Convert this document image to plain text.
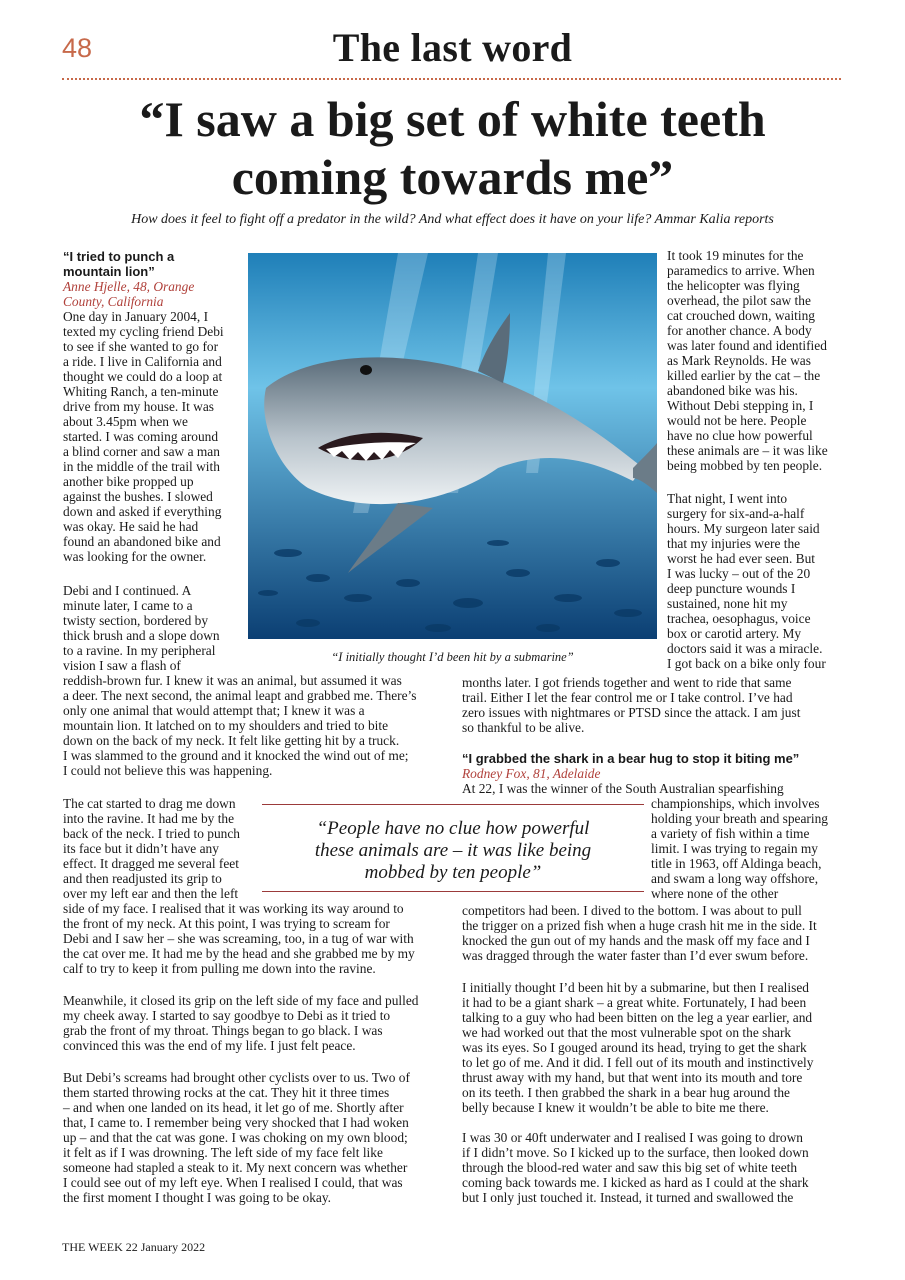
48	The last word
“I saw a big set of white teeth
coming towards me”
How does it feel to fight off a predator in the wild? And what effect does it have on your life? Ammar Kalia reports
“I tried to punch a
mountain lion”
Anne Hjelle, 48, Orange
County, California
One day in January 2004, I
texted my cycling friend Debi
to see if she wanted to go for
a ride. I live in California and
thought we could do a loop at
Whiting Ranch, a ten-minute
drive from my house. It was
about 3.45pm when we
started. I was coming around
a blind corner and saw a man
in the middle of the trail with
another bike propped up
against the bushes. I slowed
down and asked if everything
was okay. He said he had
found an abandoned bike and
was looking for the owner.
Debi and I continued. A
minute later, I came to a
twisty section, bordered by
thick brush and a slope down
to a ravine. In my peripheral
vision I saw a flash of
reddish-brown fur. I knew it was an animal, but assumed it was
a deer. The next second, the animal leapt and grabbed me. There’s
only one animal that would attempt that; I knew it was a
mountain lion. It latched on to my shoulders and tried to bite
down on the back of my neck. It felt like getting hit by a truck.
I was slammed to the ground and it knocked the wind out of me;
I could not believe this was happening.
The cat started to drag me down
into the ravine. It had me by the
back of the neck. I tried to punch
its face but it didn’t have any
effect. It dragged me several feet
and then readjusted its grip to
over my left ear and then the left
side of my face. I realised that it was working its way around to
the front of my neck. At this point, I was trying to scream for
Debi and I saw her – she was screaming, too, in a tug of war with
the cat over me. It had me by the head and she grabbed me by my
calf to try to keep it from pulling me down into the ravine.
Meanwhile, it closed its grip on the left side of my face and pulled
my cheek away. I started to say goodbye to Debi as it tried to
grab the front of my throat. Things began to go black. I was
convinced this was the end of my life. I just felt peace.
But Debi’s screams had brought other cyclists over to us. Two of
them started throwing rocks at the cat. They hit it three times
– and when one landed on its head, it let go of me. Shortly after
that, I came to. I remember being very shocked that I had woken
up – and that the cat was gone. I was choking on my own blood;
it felt as if I was drowning. The left side of my face felt like
someone had stapled a steak to it. My next concern was whether
I could see out of my left eye. When I realised I could, that was
the first moment I thought I was going to be okay.
It took 19 minutes for the
paramedics to arrive. When
the helicopter was flying
overhead, the pilot saw the
cat crouched down, waiting
for another chance. A body
was later found and identified
as Mark Reynolds. He was
killed earlier by the cat – the
abandoned bike was his.
Without Debi stepping in, I
would not be here. People
have no clue how powerful
these animals are – it was like
being mobbed by ten people.
That night, I went into
surgery for six-and-a-half
hours. My surgeon later said
that my injuries were the
worst he had ever seen. But
I was lucky – out of the 20
deep puncture wounds I
sustained, none hit my
trachea, oesophagus, voice
box or carotid artery. My
doctors said it was a miracle.
I got back on a bike only four
months later. I got friends together and went to ride that same
trail. Either I let the fear control me or I take control. I’ve had
zero issues with nightmares or PTSD since the attack. I am just
so thankful to be alive.
“I grabbed the shark in a bear hug to stop it biting me”
Rodney Fox, 81, Adelaide
At 22, I was the winner of the South Australian spearfishing
championships, which involves
holding your breath and spearing
a variety of fish within a time
limit. I was trying to regain my
title in 1963, off Aldinga beach,
and swam a long way offshore,
where none of the other
competitors had been. I dived to the bottom. I was about to pull
the trigger on a prized fish when a huge crash hit me in the side. It
knocked the gun out of my hands and the mask off my face and I
was dragged through the water faster than I’d ever swum before.
I initially thought I’d been hit by a submarine, but then I realised
it had to be a giant shark – a great white. Fortunately, I had been
talking to a guy who had been bitten on the leg a year earlier, and
we had worked out that the most vulnerable spot on the shark
was its eyes. So I gouged around its head, trying to get the shark
to let go of me. And it did. I fell out of its mouth and instinctively
thrust away with my hand, but that went into its mouth and tore
on its teeth. I then grabbed the shark in a bear hug around the
belly because I knew it wouldn’t be able to bite me there.
I was 30 or 40ft underwater and I realised I was going to drown
if I didn’t move. So I kicked up to the surface, then looked down
through the blood-red water and saw this big set of white teeth
coming back towards me. I kicked as hard as I could at the shark
but I only just touched it. Instead, it turned and swallowed the
“I initially thought I’d been hit by a submarine”
“People have no clue how powerful
these animals are – it was like being
mobbed by ten people”
THE WEEK 22 January 2022
